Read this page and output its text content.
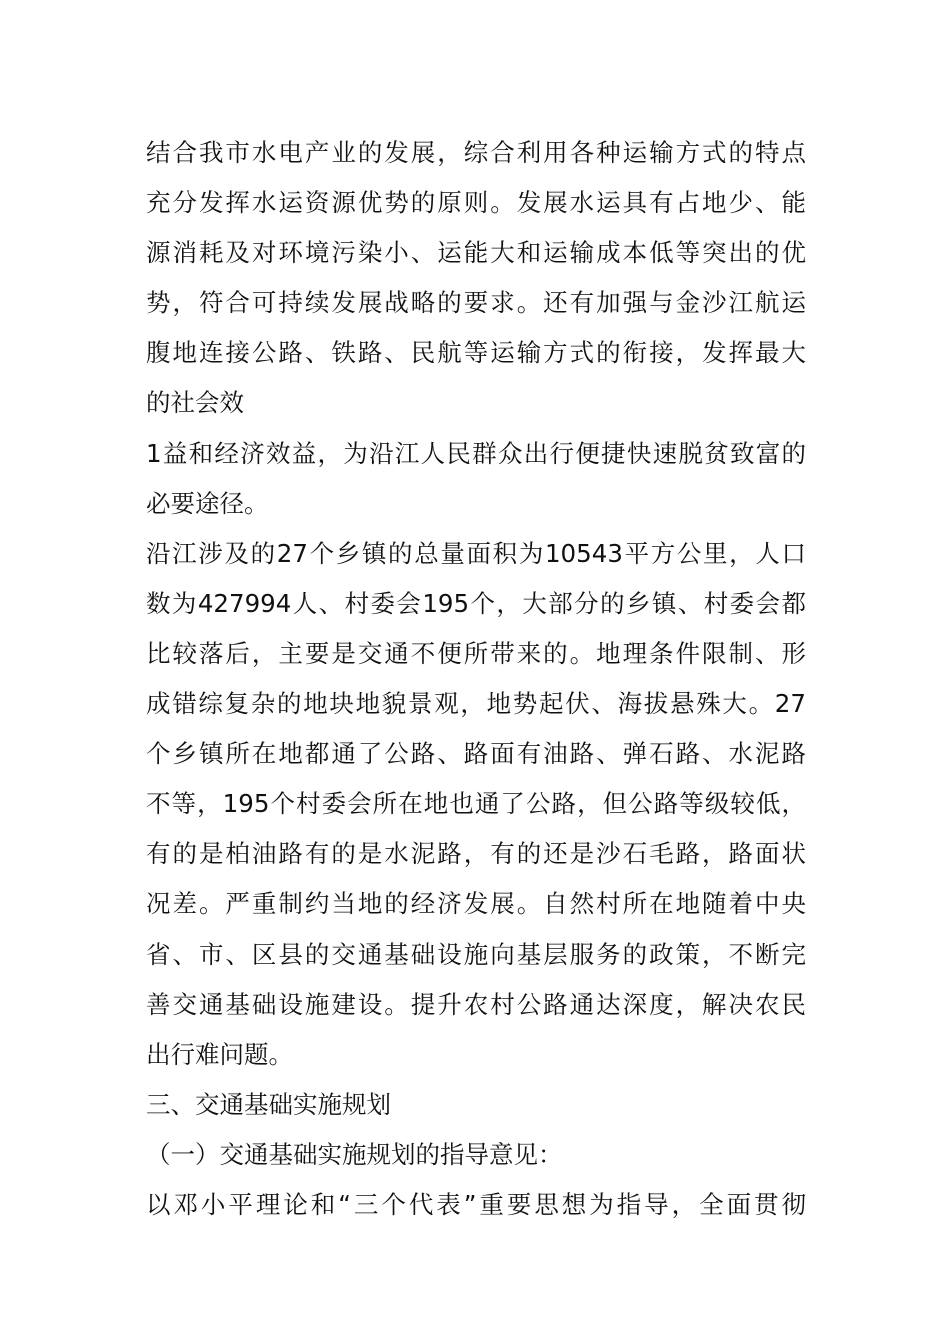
结合我市水电产业的发展，综合利用各种运输方式的特点
充分发挥水运资源优势的原则。发展水运具有占地少、能
源消耗及对环境污染小、运能大和运输成本低等突出的优
势，符合可持续发展战略的要求。还有加强与金沙江航运
腹地连接公路、铁路、民航等运输方式的衔接，发挥最大
的社会效
1益和经济效益，为沿江人民群众出行便捷快速脱贫致富的
必要途径。
沿江涉及的27个乡镇的总量面积为10543平方公里，人口
数为427994人、村委会195个，大部分的乡镇、村委会都
比较落后，主要是交通不便所带来的。地理条件限制、形
成错综复杂的地块地貌景观，地势起伏、海拔悬殊大。27
个乡镇所在地都通了公路、路面有油路、弹石路、水泥路
不等，195个村委会所在地也通了公路，但公路等级较低，
有的是柏油路有的是水泥路，有的还是沙石毛路，路面状
况差。严重制约当地的经济发展。自然村所在地随着中央
省、市、区县的交通基础设施向基层服务的政策，不断完
善交通基础设施建设。提升农村公路通达深度，解决农民
出行难问题。
三、交通基础实施规划
（一）交通基础实施规划的指导意见：
以邓小平理论和“三个代表”重要思想为指导，全面贯彻
